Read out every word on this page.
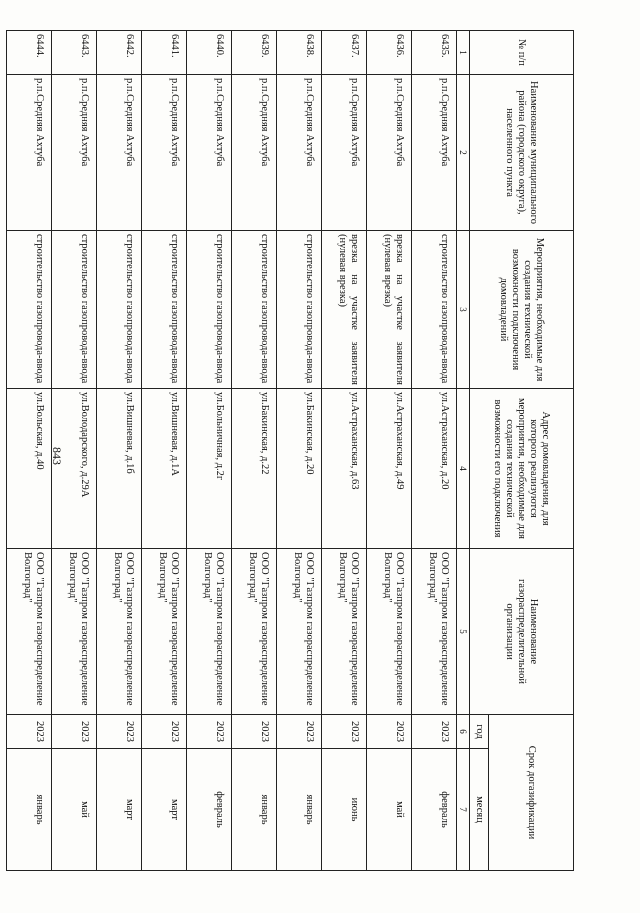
843
№ п/п	Наименование муниципального района (городского округа), населенного пункта	Мероприятия, необходимые для создания технической возможности подключения домовладений	Адрес домовладения, для которого реализуются мероприятия, необходимые для создания технической возможности его подключения	Наименование газораспределительной организации	Срок догазификации	
					год	месяц
1	2	3	4	5	6	7
6435.	р.п.Средняя Ахтуба	строительство газопровода-ввода	ул.Астраханская, д.20	ООО "Газпром газораспределение Волгоград"	2023	февраль
6436.	р.п.Средняя Ахтуба	врезка на участке заявителя (нулевая врезка)	ул.Астраханская, д.49	ООО "Газпром газораспределение Волгоград"	2023	май
6437.	р.п.Средняя Ахтуба	врезка на участке заявителя (нулевая врезка)	ул.Астраханская, д.63	ООО "Газпром газораспределение Волгоград"	2023	июнь
6438.	р.п.Средняя Ахтуба	строительство газопровода-ввода	ул.Бакинская, д.20	ООО "Газпром газораспределение Волгоград"	2023	январь
6439.	р.п.Средняя Ахтуба	строительство газопровода-ввода	ул.Бакинская, д.22	ООО "Газпром газораспределение Волгоград"	2023	январь
6440.	р.п.Средняя Ахтуба	строительство газопровода-ввода	ул.Больничная, д.2г	ООО "Газпром газораспределение Волгоград"	2023	февраль
6441.	р.п.Средняя Ахтуба	строительство газопровода-ввода	ул.Вишневая, д.1А	ООО "Газпром газораспределение Волгоград"	2023	март
6442.	р.п.Средняя Ахтуба	строительство газопровода-ввода	ул.Вишневая, д.1б	ООО "Газпром газораспределение Волгоград"	2023	март
6443.	р.п.Средняя Ахтуба	строительство газопровода-ввода	ул.Володарского, д.29А	ООО "Газпром газораспределение Волгоград"	2023	май
6444.	р.п.Средняя Ахтуба	строительство газопровода-ввода	ул.Вольская, д.40	ООО "Газпром газораспределение Волгоград"	2023	январь
